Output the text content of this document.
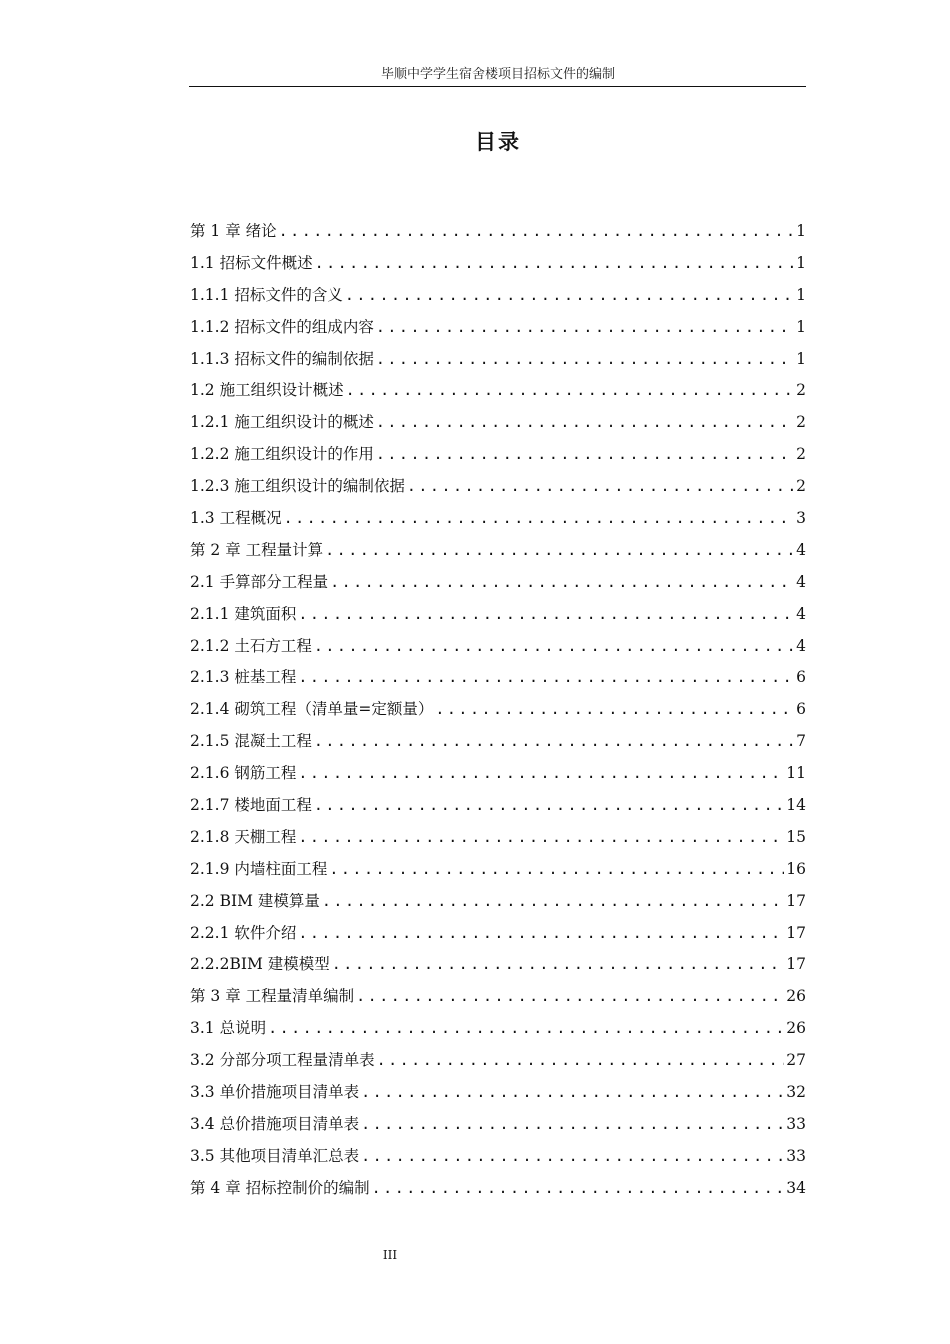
毕顺中学学生宿舍楼项目招标文件的编制
目录
第 1 章 绪论 .....	1
1.1 招标文件概述 .....	1
1.1.1 招标文件的含义 .....	1
1.1.2 招标文件的组成内容 .....	1
1.1.3 招标文件的编制依据 .....	1
1.2 施工组织设计概述 .....	2
1.2.1 施工组织设计的概述 .....	2
1.2.2 施工组织设计的作用 .....	2
1.2.3 施工组织设计的编制依据 .....	2
1.3 工程概况 .....	3
第 2 章 工程量计算 .....	4
2.1 手算部分工程量 .....	4
2.1.1 建筑面积 .....	4
2.1.2 土石方工程 .....	4
2.1.3 桩基工程 .....	6
2.1.4 砌筑工程（清单量=定额量） .....	6
2.1.5 混凝土工程 .....	7
2.1.6 钢筋工程 .....	11
2.1.7 楼地面工程 .....	14
2.1.8 天棚工程 .....	15
2.1.9 内墙柱面工程 .....	16
2.2 BIM 建模算量 .....	17
2.2.1 软件介绍 .....	17
2.2.2BIM 建模模型 .....	17
第 3 章 工程量清单编制 .....	26
3.1 总说明 .....	26
3.2 分部分项工程量清单表 .....	27
3.3 单价措施项目清单表 .....	32
3.4 总价措施项目清单表 .....	33
3.5 其他项目清单汇总表 .....	33
第 4 章 招标控制价的编制 .....	34
III
